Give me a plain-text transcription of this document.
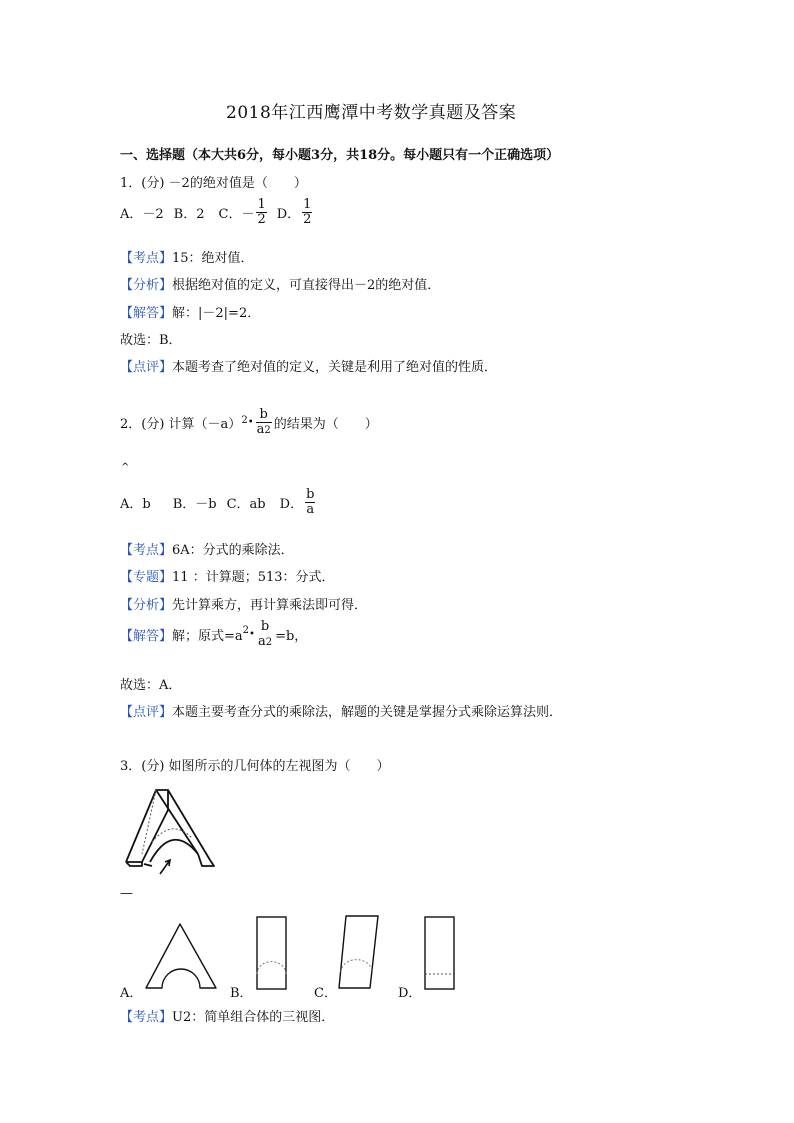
2018年江西鹰潭中考数学真题及答案
一、选择题（本大共6分，每小题3分，共18分。每小题只有一个正确选项）
1．(分) －2的绝对值是（　　）
A．－2 B．2 C．－ $\frac{1}{2}$ D． $\frac{1}{2}$
【考点】15：绝对值．
【分析】根据绝对值的定义，可直接得出－2的绝对值．
【解答】解：|－2|=2．
故选：B．
【点评】本题考查了绝对值的定义，关键是利用了绝对值的性质．
2．(分) 计算（－a） 2 • $\frac{b}{a2}$ 的结果为（　　）
^
A．b B．－b C．ab D． $\frac{b}{a}$
【考点】6A：分式的乘除法．
【专题】11 ：计算题；513：分式．
【分析】先计算乘方，再计算乘法即可得．
【解答】 解；原式=a 2 •
b
a2 =b，
故选：A．
【点评】本题主要考查分式的乘除法，解题的关键是掌握分式乘除运算法则．
3．(分) 如图所示的几何体的左视图为（　　）
—
A．	B．	C．	D．
【考点】U2：简单组合体的三视图．
